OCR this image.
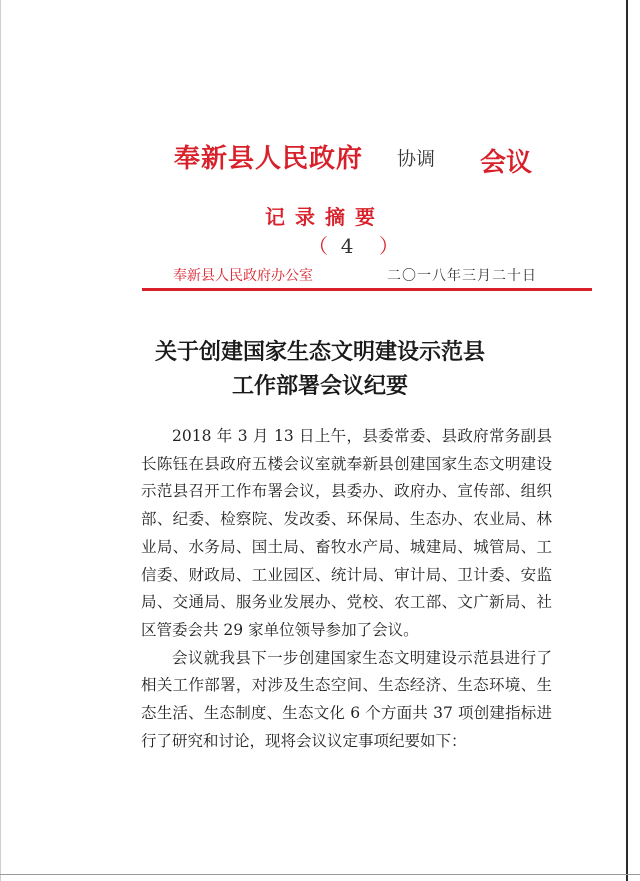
奉新县人民政府 协调 会议
记录摘要
（ 4 ）
奉新县人民政府办公室	二〇一八年三月二十日
关于创建国家生态文明建设示范县
工作部署会议纪要

2018 年 3 月 13 日上午，县委常委、县政府常务副县长陈钰在县政府五楼会议室就奉新县创建国家生态文明建设示范县召开工作布署会议，县委办、政府办、宣传部、组织部、纪委、检察院、发改委、环保局、生态办、农业局、林业局、水务局、国土局、畜牧水产局、城建局、城管局、工信委、财政局、工业园区、统计局、审计局、卫计委、安监局、交通局、服务业发展办、党校、农工部、文广新局、社区管委会共 29 家单位领导参加了会议。

会议就我县下一步创建国家生态文明建设示范县进行了相关工作部署，对涉及生态空间、生态经济、生态环境、生态生活、生态制度、生态文化 6 个方面共 37 项创建指标进行了研究和讨论，现将会议议定事项纪要如下：
